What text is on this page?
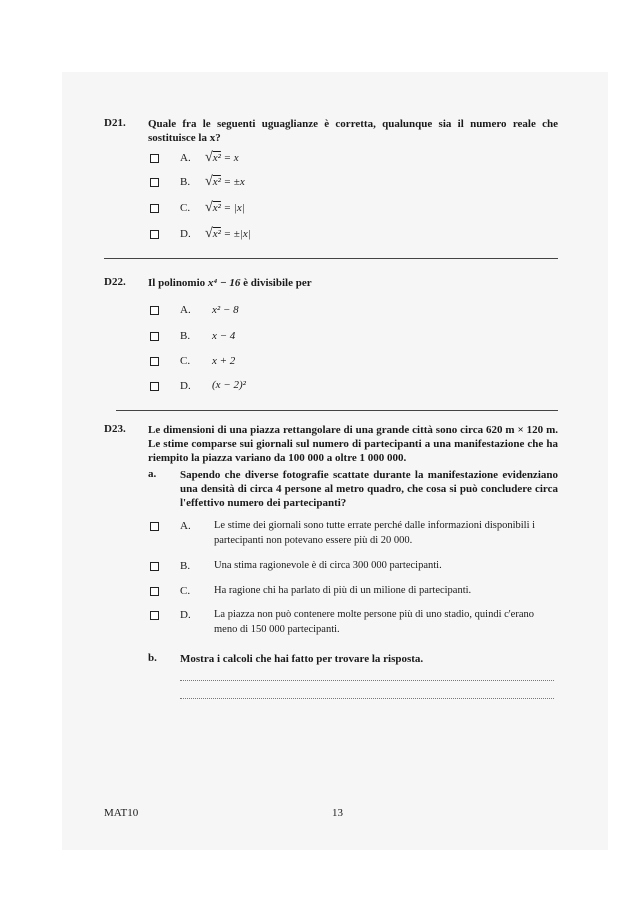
D21. Quale fra le seguenti uguaglianze è corretta, qualunque sia il numero reale che sostituisce la x?
A. √x² = x
B. √x² = ±x
C. √x² = |x|
D. √x² = ±|x|
D22. Il polinomio x⁴ − 16 è divisibile per
A. x² − 8
B. x − 4
C. x + 2
D. (x − 2)²
D23. Le dimensioni di una piazza rettangolare di una grande città sono circa 620 m × 120 m. Le stime comparse sui giornali sul numero di partecipanti a una manifestazione che ha riempito la piazza variano da 100 000 a oltre 1 000 000.
a. Sapendo che diverse fotografie scattate durante la manifestazione evidenziano una densità di circa 4 persone al metro quadro, che cosa si può concludere circa l'effettivo numero dei partecipanti?
A. Le stime dei giornali sono tutte errate perché dalle informazioni disponibili i partecipanti non potevano essere più di 20 000.
B. Una stima ragionevole è di circa 300 000 partecipanti.
C. Ha ragione chi ha parlato di più di un milione di partecipanti.
D. La piazza non può contenere molte persone più di uno stadio, quindi c'erano meno di 150 000 partecipanti.
b. Mostra i calcoli che hai fatto per trovare la risposta.
MAT10	13
